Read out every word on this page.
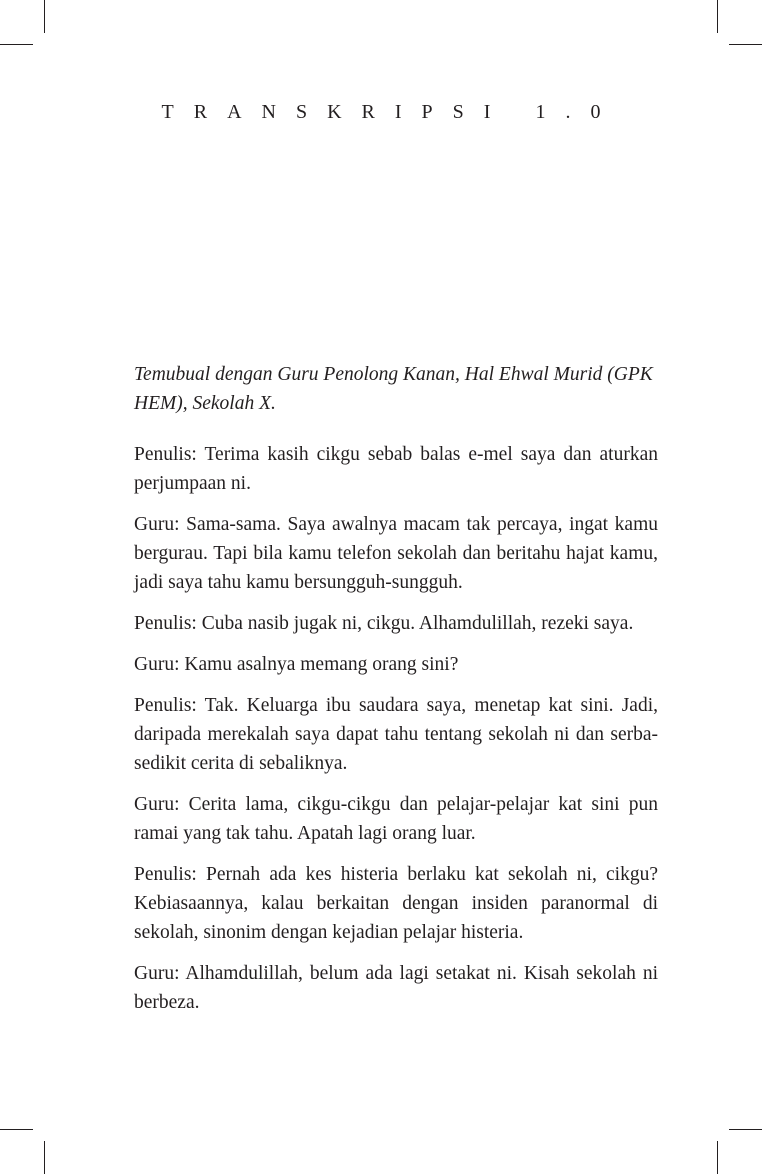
TRANSKRIPSI 1.0

Temubual dengan Guru Penolong Kanan, Hal Ehwal Murid (GPK HEM), Sekolah X.

Penulis: Terima kasih cikgu sebab balas e-mel saya dan aturkan perjumpaan ni.

Guru: Sama-sama. Saya awalnya macam tak percaya, ingat kamu bergurau. Tapi bila kamu telefon sekolah dan beritahu hajat kamu, jadi saya tahu kamu bersungguh-sungguh.

Penulis: Cuba nasib jugak ni, cikgu. Alhamdulillah, rezeki saya.

Guru: Kamu asalnya memang orang sini?

Penulis: Tak. Keluarga ibu saudara saya, menetap kat sini. Jadi, daripada merekalah saya dapat tahu tentang sekolah ni dan serba-sedikit cerita di sebaliknya.

Guru: Cerita lama, cikgu-cikgu dan pelajar-pelajar kat sini pun ramai yang tak tahu. Apatah lagi orang luar.

Penulis: Pernah ada kes histeria berlaku kat sekolah ni, cikgu? Kebiasaannya, kalau berkaitan dengan insiden paranormal di sekolah, sinonim dengan kejadian pelajar histeria.

Guru: Alhamdulillah, belum ada lagi setakat ni. Kisah sekolah ni berbeza.
